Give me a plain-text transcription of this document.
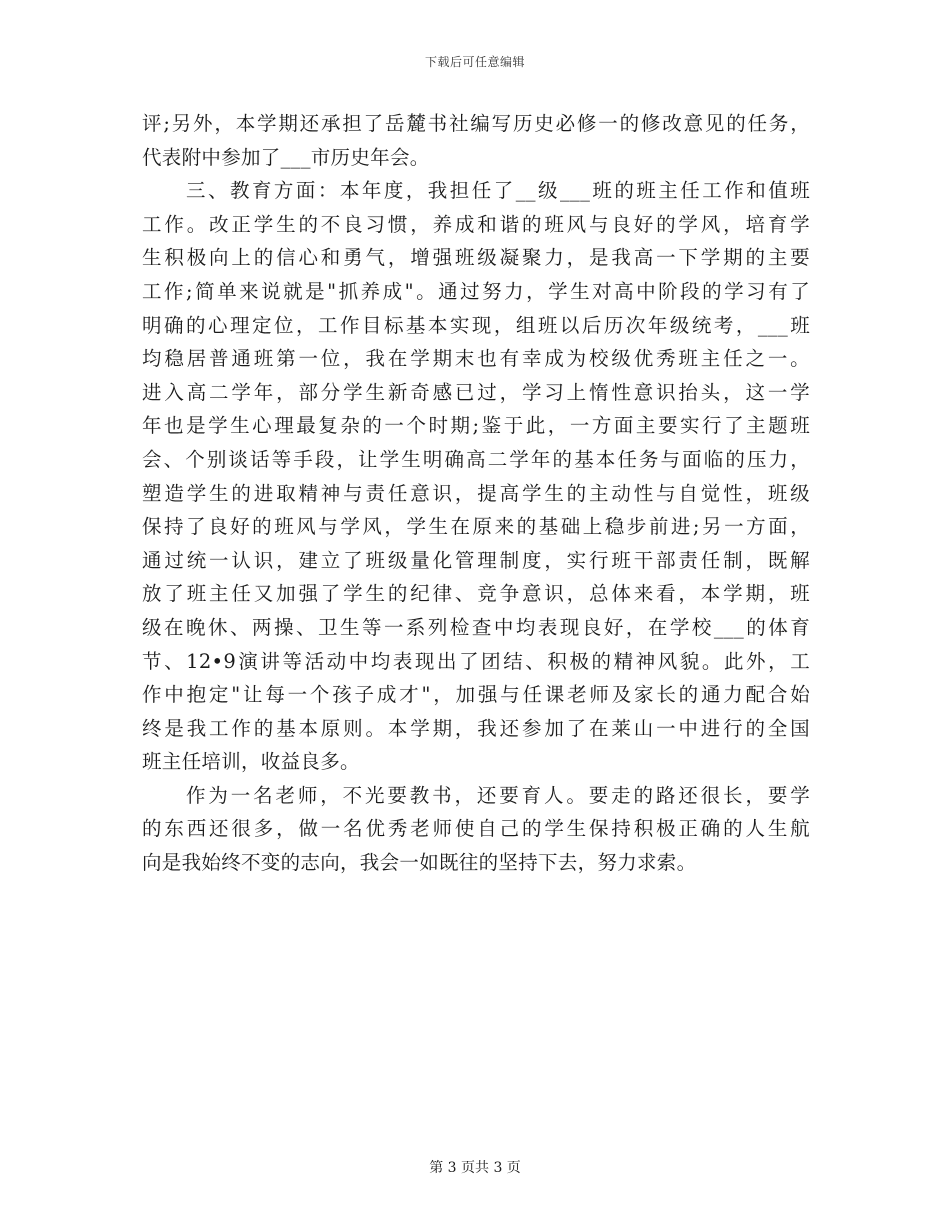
下载后可任意编辑
评;另外，本学期还承担了岳麓书社编写历史必修一的修改意见的任务，
代表附中参加了___市历史年会。
三、教育方面：本年度，我担任了__级___班的班主任工作和值班
工作。改正学生的不良习惯，养成和谐的班风与良好的学风，培育学
生积极向上的信心和勇气，增强班级凝聚力，是我高一下学期的主要
工作;简单来说就是"抓养成"。通过努力，学生对高中阶段的学习有了
明确的心理定位，工作目标基本实现，组班以后历次年级统考，___班
均稳居普通班第一位，我在学期末也有幸成为校级优秀班主任之一。
进入高二学年，部分学生新奇感已过，学习上惰性意识抬头，这一学
年也是学生心理最复杂的一个时期;鉴于此，一方面主要实行了主题班
会、个别谈话等手段，让学生明确高二学年的基本任务与面临的压力，
塑造学生的进取精神与责任意识，提高学生的主动性与自觉性，班级
保持了良好的班风与学风，学生在原来的基础上稳步前进;另一方面，
通过统一认识，建立了班级量化管理制度，实行班干部责任制，既解
放了班主任又加强了学生的纪律、竞争意识，总体来看，本学期，班
级在晚休、两操、卫生等一系列检查中均表现良好，在学校___的体育
节、12•9演讲等活动中均表现出了团结、积极的精神风貌。此外，工
作中抱定"让每一个孩子成才"，加强与任课老师及家长的通力配合始
终是我工作的基本原则。本学期，我还参加了在莱山一中进行的全国
班主任培训，收益良多。
作为一名老师，不光要教书，还要育人。要走的路还很长，要学
的东西还很多，做一名优秀老师使自己的学生保持积极正确的人生航
向是我始终不变的志向，我会一如既往的坚持下去，努力求索。
第 3 页共 3 页
